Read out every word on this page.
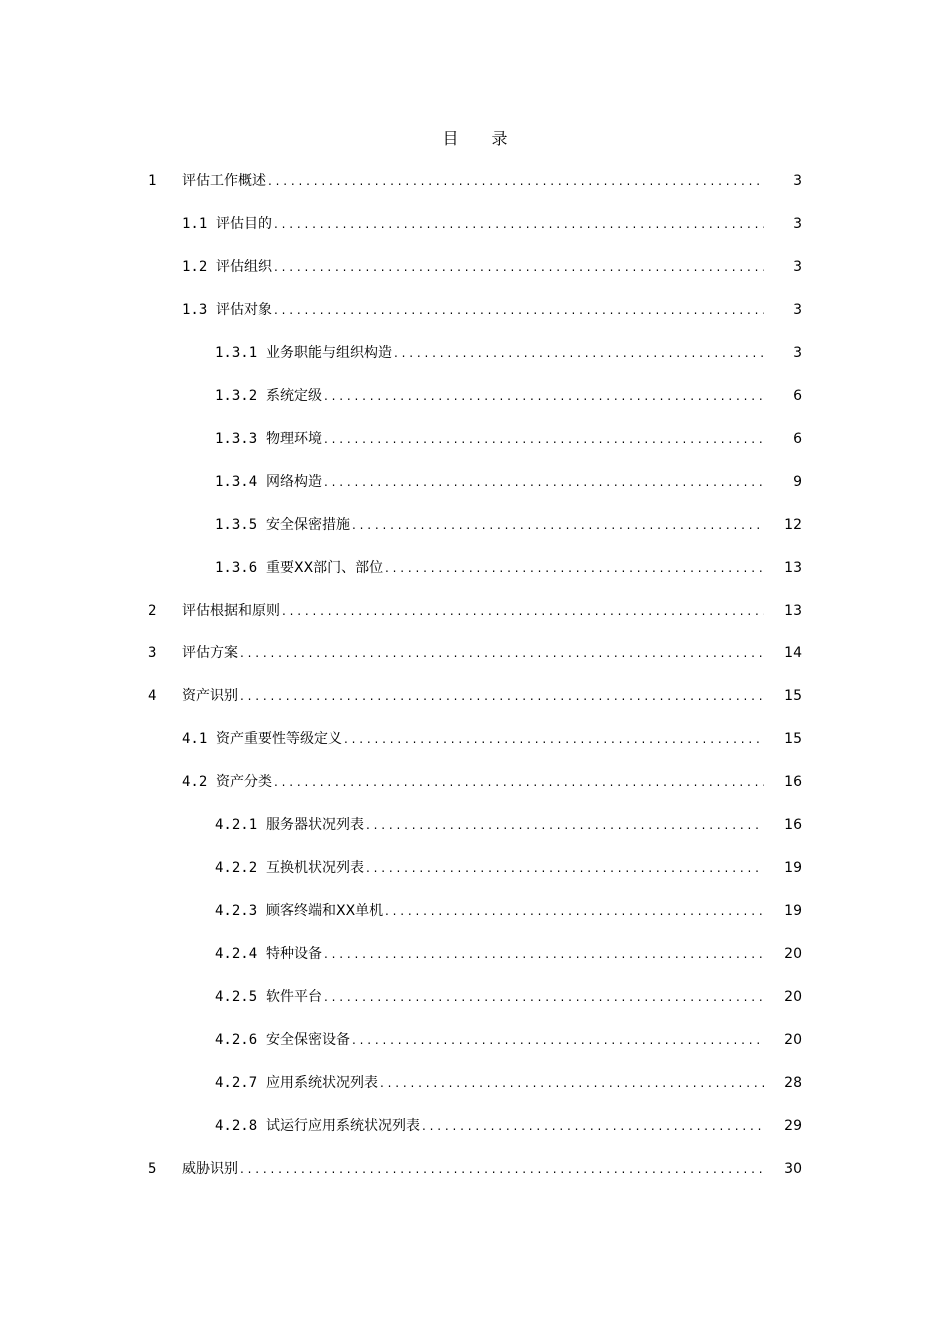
目 录
1 评估工作概述 . . .	3
1.1 评估目的 . . .	3
1.2 评估组织 . . .	3
1.3 评估对象 . . .	3
1.3.1 业务职能与组织构造 . . .	3
1.3.2 系统定级 . . .	6
1.3.3 物理环境 . . .	6
1.3.4 网络构造 . . .	9
1.3.5 安全保密措施 . . .	12
1.3.6 重要XX部门、部位 . . .	13
2 评估根据和原则 . . .	13
3 评估方案 . . .	14
4 资产识别 . . .	15
4.1 资产重要性等级定义 . . .	15
4.2 资产分类 . . .	16
4.2.1 服务器状况列表 . . .	16
4.2.2 互换机状况列表 . . .	19
4.2.3 顾客终端和XX单机 . . .	19
4.2.4 特种设备 . . .	20
4.2.5 软件平台 . . .	20
4.2.6 安全保密设备 . . .	20
4.2.7 应用系统状况列表 . . .	28
4.2.8 试运行应用系统状况列表 . . .	29
5 威胁识别 . . .	30
